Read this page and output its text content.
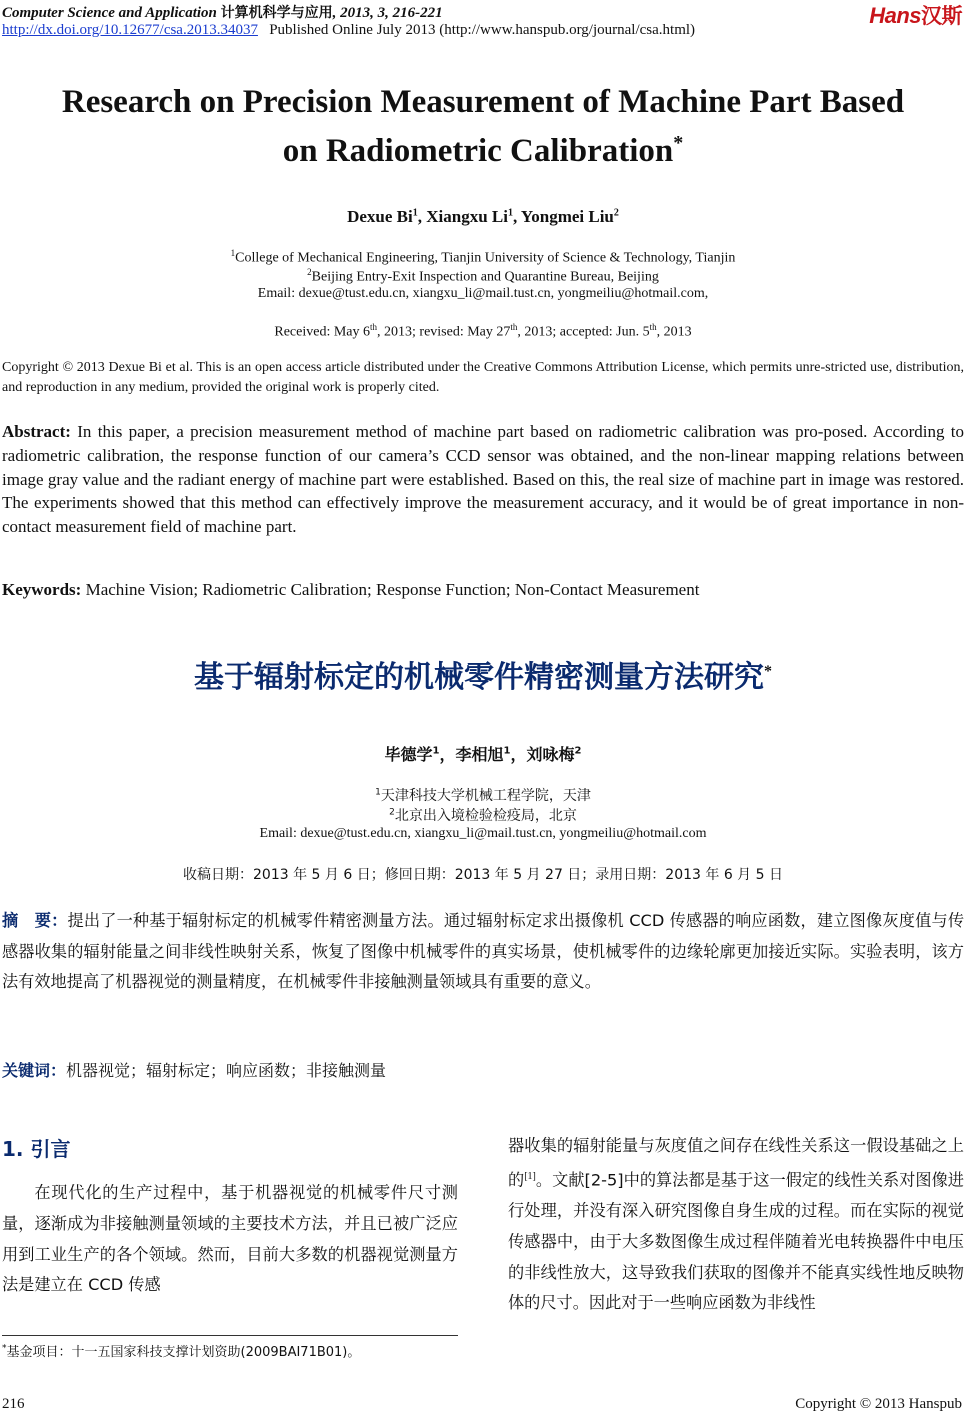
Computer Science and Application 计算机科学与应用, 2013, 3, 216-221
http://dx.doi.org/10.12677/csa.2013.34037 Published Online July 2013 (http://www.hanspub.org/journal/csa.html)
Hans汉斯
Research on Precision Measurement of Machine Part Based
on Radiometric Calibration*
Dexue Bi$^1$, Xiangxu Li$^1$, Yongmei Liu$^2$
$^1$College of Mechanical Engineering, Tianjin University of Science & Technology, Tianjin
$^2$Beijing Entry-Exit Inspection and Quarantine Bureau, Beijing
Email: dexue@tust.edu.cn, xiangxu_li@mail.tust.cn, yongmeiliu@hotmail.com,
Received: May 6th, 2013; revised: May 27th, 2013; accepted: Jun. 5th, 2013
Copyright © 2013 Dexue Bi et al. This is an open access article distributed under the Creative Commons Attribution License, which permits unre-stricted use, distribution, and reproduction in any medium, provided the original work is properly cited.
Abstract: In this paper, a precision measurement method of machine part based on radiometric calibration was pro-posed. According to radiometric calibration, the response function of our camera’s CCD sensor was obtained, and the non-linear mapping relations between image gray value and the radiant energy of machine part were established. Based on this, the real size of machine part in image was restored. The experiments showed that this method can effectively improve the measurement accuracy, and it would be of great importance in non-contact measurement field of machine part.
Keywords: Machine Vision; Radiometric Calibration; Response Function; Non-Contact Measurement
基于辐射标定的机械零件精密测量方法研究*
毕德学$^1$，李相旭$^1$，刘咏梅$^2$
$^1$天津科技大学机械工程学院，天津
$^2$北京出入境检验检疫局，北京
Email: dexue@tust.edu.cn, xiangxu_li@mail.tust.cn, yongmeiliu@hotmail.com
收稿日期：2013 年 5 月 6 日；修回日期：2013 年 5 月 27 日；录用日期：2013 年 6 月 5 日
摘　要：提出了一种基于辐射标定的机械零件精密测量方法。通过辐射标定求出摄像机 CCD 传感器的响应函数，建立图像灰度值与传感器收集的辐射能量之间非线性映射关系，恢复了图像中机械零件的真实场景，使机械零件的边缘轮廓更加接近实际。实验表明，该方法有效地提高了机器视觉的测量精度，在机械零件非接触测量领域具有重要的意义。
关键词：机器视觉；辐射标定；响应函数；非接触测量
1. 引言
在现代化的生产过程中，基于机器视觉的机械零件尺寸测量，逐渐成为非接触测量领域的主要技术方法，并且已被广泛应用到工业生产的各个领域。然而，目前大多数的机器视觉测量方法是建立在 CCD 传感
器收集的辐射能量与灰度值之间存在线性关系这一假设基础之上的[1]。文献[2-5]中的算法都是基于这一假定的线性关系对图像进行处理，并没有深入研究图像自身生成的过程。而在实际的视觉传感器中，由于大多数图像生成过程伴随着光电转换器件中电压的非线性放大，这导致我们获取的图像并不能真实线性地反映物体的尺寸。因此对于一些响应函数为非线性
*基金项目：十一五国家科技支撑计划资助(2009BAI71B01)。
216	Copyright © 2013 Hanspub
